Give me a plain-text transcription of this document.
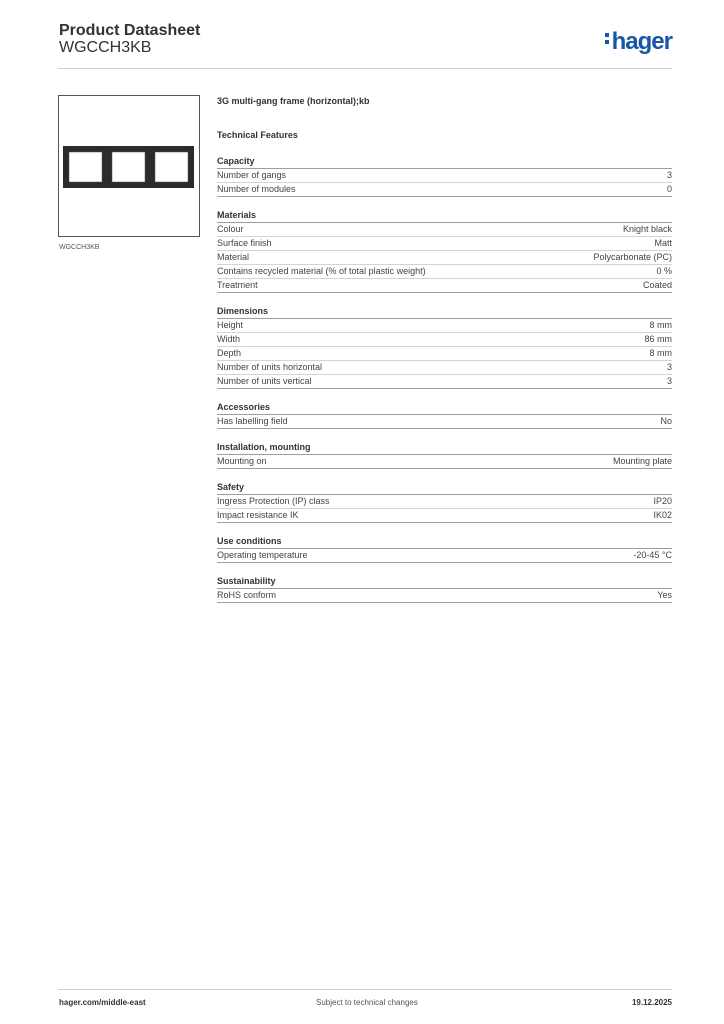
Product Datasheet
WGCCH3KB	hager
WGCCH3KB
3G multi-gang frame (horizontal);kb
Technical Features
Capacity
Number of gangs	3
Number of modules	0
Materials
Colour	Knight black
Surface finish	Matt
Material	Polycarbonate (PC)
Contains recycled material (% of total plastic weight)	0 %
Treatment	Coated
Dimensions
Height	8 mm
Width	86 mm
Depth	8 mm
Number of units horizontal	3
Number of units vertical	3
Accessories
Has labelling field	No
Installation, mounting
Mounting on	Mounting plate
Safety
Ingress Protection (IP) class	IP20
Impact resistance IK	IK02
Use conditions
Operating temperature	-20-45 °C
Sustainability
RoHS conform	Yes
hager.com/middle-east	Subject to technical changes	19.12.2025
